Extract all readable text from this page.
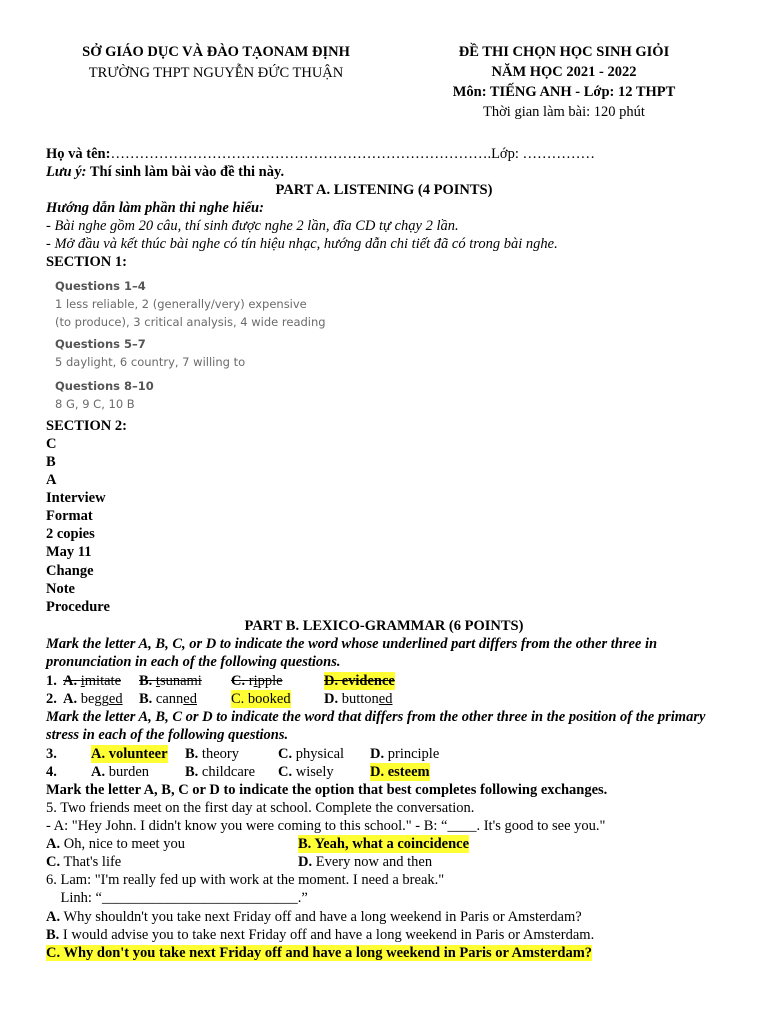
SỞ GIÁO DỤC VÀ ĐÀO TẠONAM ĐỊNH
TRƯỜNG THPT NGUYỄN ĐỨC THUẬN
ĐỀ THI CHỌN HỌC SINH GIỎI
NĂM HỌC 2021 - 2022
Môn: TIẾNG ANH - Lớp: 12 THPT
Thời gian làm bài: 120 phút
Họ và tên:…………………………………………………………………….Lớp: ……………
Lưu ý: Thí sinh làm bài vào đề thi này.
PART A. LISTENING (4 POINTS)
Hướng dẫn làm phần thi nghe hiểu:
- Bài nghe gồm 20 câu, thí sinh được nghe 2 lần, đĩa CD tự chạy 2 lần.
- Mở đầu và kết thúc bài nghe có tín hiệu nhạc, hướng dẫn chi tiết đã có trong bài nghe.
SECTION 1:
Questions 1–4
1 less reliable, 2 (generally/very) expensive
(to produce), 3 critical analysis, 4 wide reading
Questions 5–7
5 daylight, 6 country, 7 willing to
Questions 8–10
8 G, 9 C, 10 B
SECTION 2:
C
B
A
Interview
Format
2 copies
May 11
Change
Note
Procedure
PART B. LEXICO-GRAMMAR (6 POINTS)
Mark the letter A, B, C, or D to indicate the word whose underlined part differs from the other three in pronunciation in each of the following questions.
1. A. imitate B. tsunami C. ripple	D. evidence
2. A. begged B. canned C. booked D. buttoned
Mark the letter A, B, C or D to indicate the word that differs from the other three in the position of the primary stress in each of the following questions.
3. A. volunteer B. theory	C. physical D. principle
4. A. burden B. childcare C. wisely	D. esteem
Mark the letter A, B, C or D to indicate the option that best completes following exchanges.
5. Two friends meet on the first day at school. Complete the conversation.
- A: "Hey John. I didn't know you were coming to this school." - B: “____. It's good to see you."
A. Oh, nice to meet you	B. Yeah, what a coincidence
C. That's life	D. Every now and then
6. Lam: "I'm really fed up with work at the moment. I need a break."
Linh: “___________________________.”
A. Why shouldn't you take next Friday off and have a long weekend in Paris or Amsterdam?
B. I would advise you to take next Friday off and have a long weekend in Paris or Amsterdam.
C. Why don't you take next Friday off and have a long weekend in Paris or Amsterdam?
